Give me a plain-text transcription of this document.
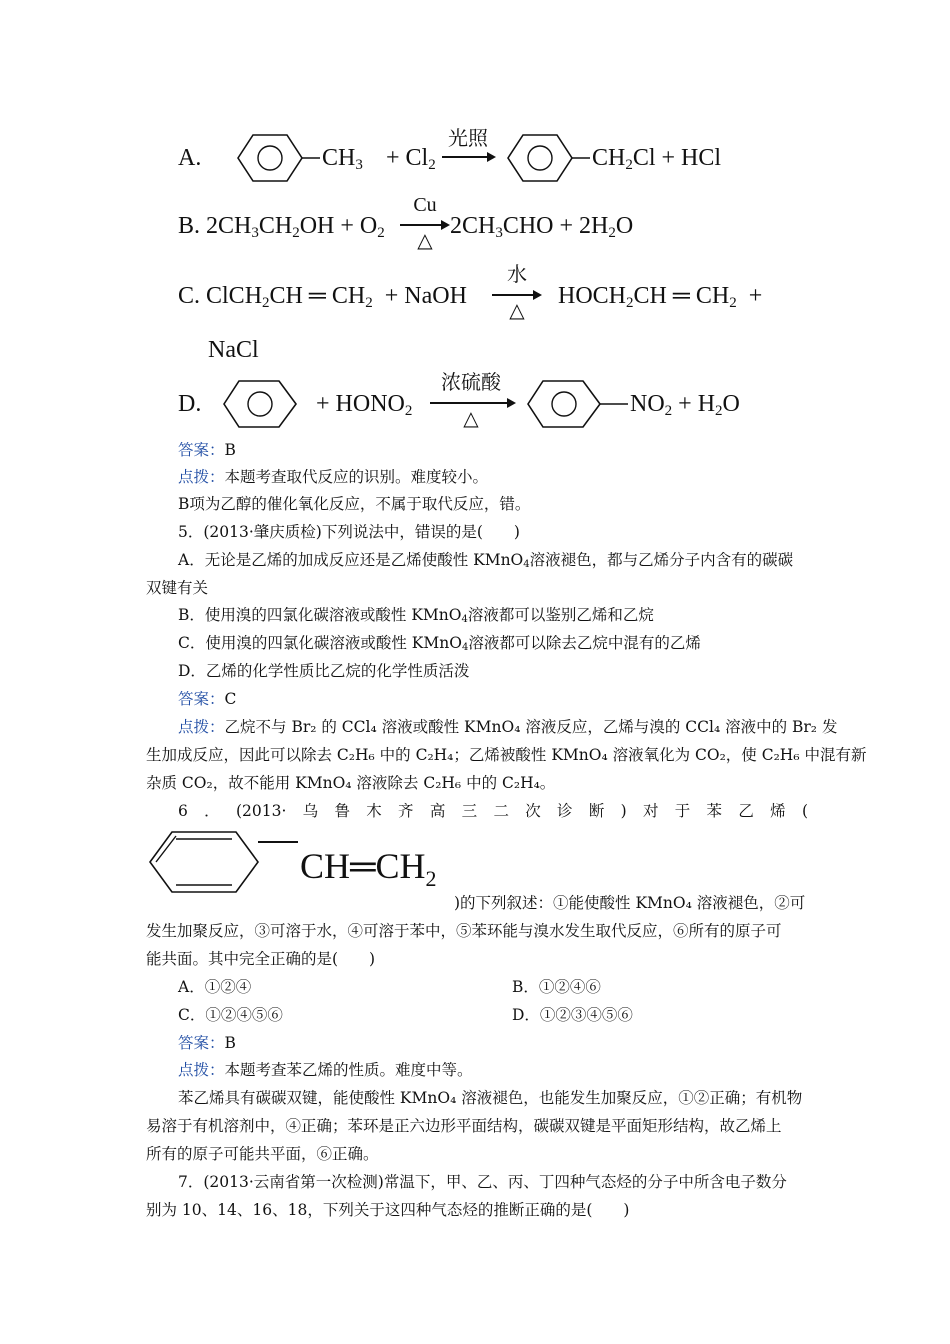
A.	$CH_3 + Cl_2$
光照
$CH_2Cl$ + HCl
B. $2CH_3CH_2OH + O_2$
Cu
△
$2CH_3CHO + 2H_2O$
C. ClCH$_2$CH ═ $CH_2$ + NaOH
水
△
$HOCH_2CH$ ═ $CH_2$ +
NaCl
D.	+ $HONO_2$
浓硫酸
△
$NO_2 + H_2O$
答案：B
点拨：本题考查取代反应的识别。难度较小。
B项为乙醇的催化氧化反应，不属于取代反应，错。
5．(2013·肇庆质检)下列说法中，错误的是(　　)
A．无论是乙烯的加成反应还是乙烯使酸性 KMnO$_4$溶液褪色，都与乙烯分子内含有的碳碳
双键有关
B．使用溴的四氯化碳溶液或酸性 KMnO$_4$溶液都可以鉴别乙烯和乙烷
C．使用溴的四氯化碳溶液或酸性 KMnO$_4$溶液都可以除去乙烷中混有的乙烯
D．乙烯的化学性质比乙烷的化学性质活泼
答案：C
点拨：乙烷不与 Br₂ 的 CCl₄ 溶液或酸性 KMnO₄ 溶液反应，乙烯与溴的 CCl₄ 溶液中的 Br₂ 发
生加成反应，因此可以除去 C₂H₆ 中的 C₂H₄；乙烯被酸性 KMnO₄ 溶液氧化为 CO₂，使 C₂H₆ 中混有新
杂质 CO₂，故不能用 KMnO₄ 溶液除去 C₂H₆ 中的 C₂H₄。
6．(2013·乌鲁木齐高三二次诊断)对于苯乙烯(
$CH═CH_2$
)的下列叙述：①能使酸性 KMnO₄ 溶液褪色，②可
发生加聚反应，③可溶于水，④可溶于苯中，⑤苯环能与溴水发生取代反应，⑥所有的原子可
能共面。其中完全正确的是(　　)
A．①②④	B．①②④⑥
C．①②④⑤⑥	D．①②③④⑤⑥
答案：B
点拨：本题考查苯乙烯的性质。难度中等。
苯乙烯具有碳碳双键，能使酸性 KMnO₄ 溶液褪色，也能发生加聚反应，①②正确；有机物
易溶于有机溶剂中，④正确；苯环是正六边形平面结构，碳碳双键是平面矩形结构，故乙烯上
所有的原子可能共平面，⑥正确。
7．(2013·云南省第一次检测)常温下，甲、乙、丙、丁四种气态烃的分子中所含电子数分
别为 10、14、16、18，下列关于这四种气态烃的推断正确的是(　　)
